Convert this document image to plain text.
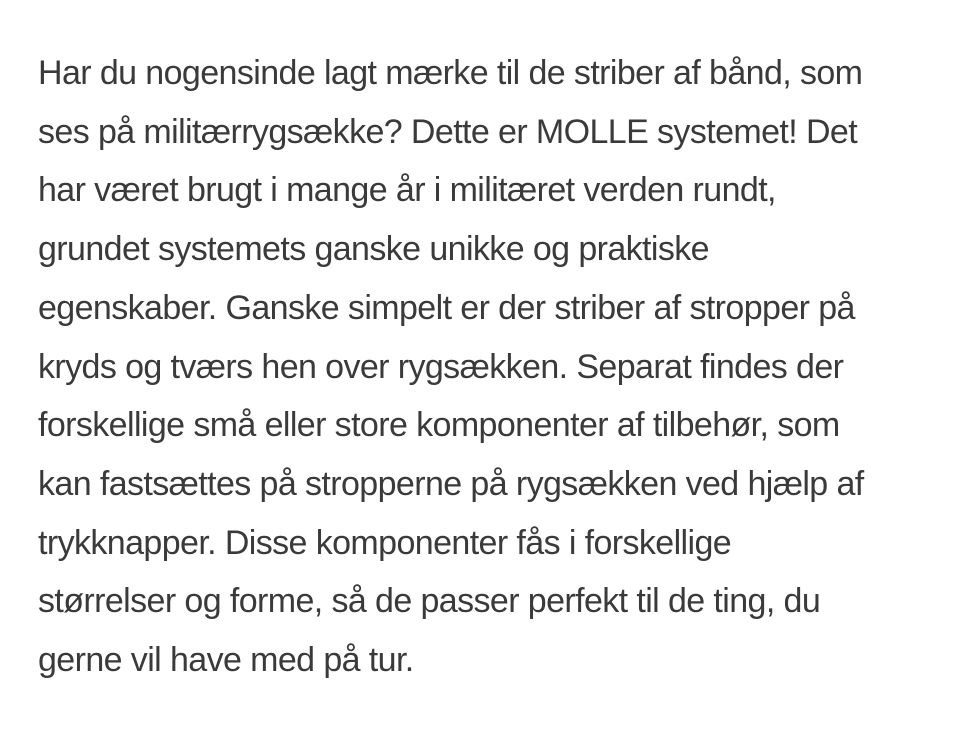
Har du nogensinde lagt mærke til de striber af bånd, som
ses på militærrygsække? Dette er MOLLE systemet! Det
har været brugt i mange år i militæret verden rundt,
grundet systemets ganske unikke og praktiske
egenskaber. Ganske simpelt er der striber af stropper på
kryds og tværs hen over rygsækken. Separat findes der
forskellige små eller store komponenter af tilbehør, som
kan fastsættes på stropperne på rygsækken ved hjælp af
trykknapper. Disse komponenter fås i forskellige
størrelser og forme, så de passer perfekt til de ting, du
gerne vil have med på tur.
